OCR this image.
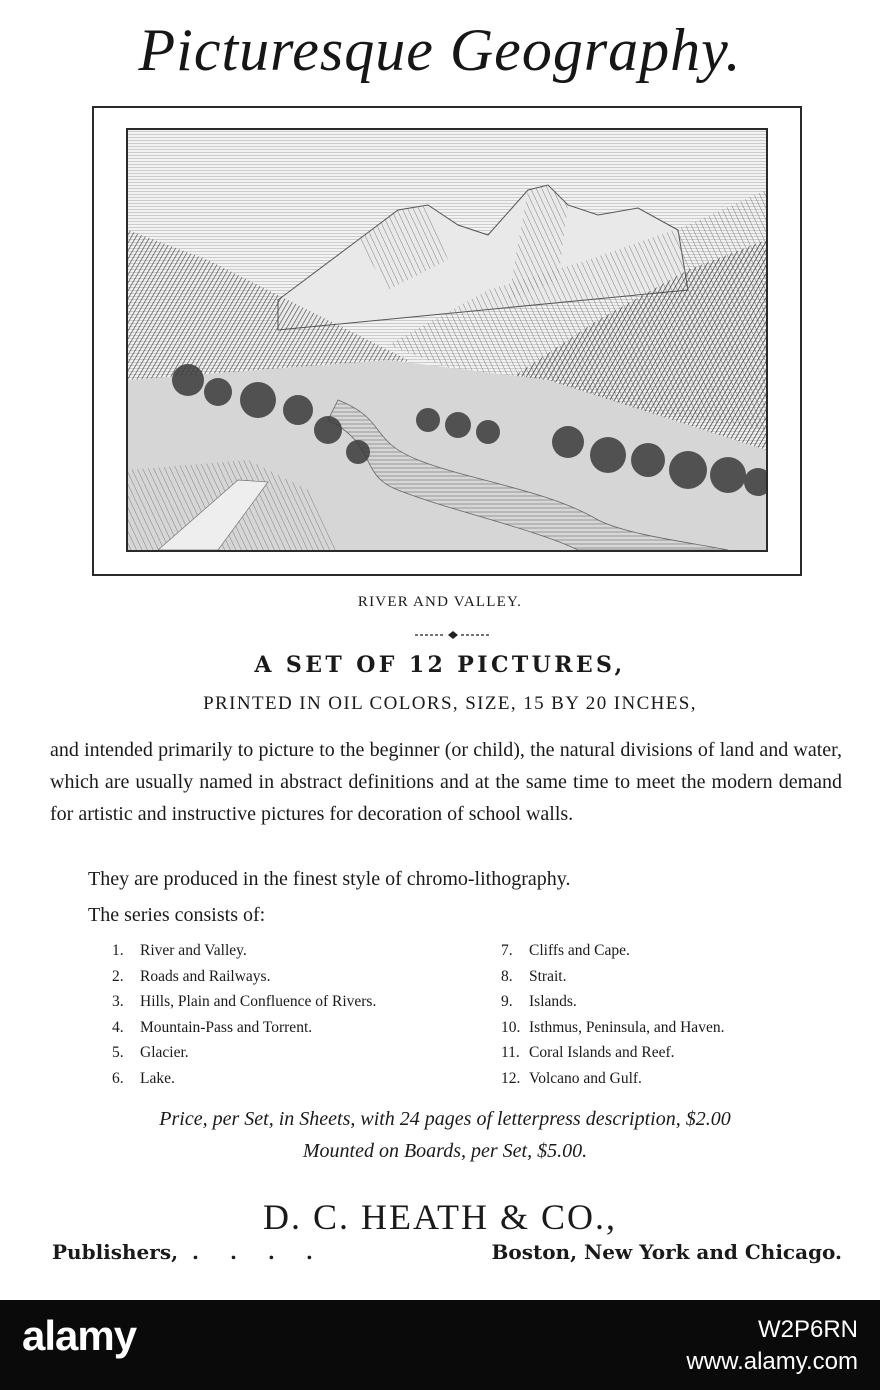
Picturesque Geography.
RIVER AND VALLEY.
A SET OF 12 PICTURES,
PRINTED IN OIL COLORS, SIZE, 15 BY 20 INCHES,
and intended primarily to picture to the beginner (or child), the natural divisions of land and water, which are usually named in abstract definitions and at the same time to meet the modern demand for artistic and instructive pictures for decoration of school walls.
They are produced in the finest style of chromo-lithography.
The series consists of:
1. River and Valley.
2. Roads and Railways.
3. Hills, Plain and Confluence of Rivers.
4. Mountain-Pass and Torrent.
5. Glacier.
6. Lake.
7. Cliffs and Cape.
8. Strait.
9. Islands.
10. Isthmus, Peninsula, and Haven.
11. Coral Islands and Reef.
12. Volcano and Gulf.
Price, per Set, in Sheets, with 24 pages of letterpress description, $2.00
Mounted on Boards, per Set, $5.00.
D. C. HEATH & CO.,
Publishers, . . . .	Boston, New York and Chicago.
alamy	W2P6RN
www.alamy.com
